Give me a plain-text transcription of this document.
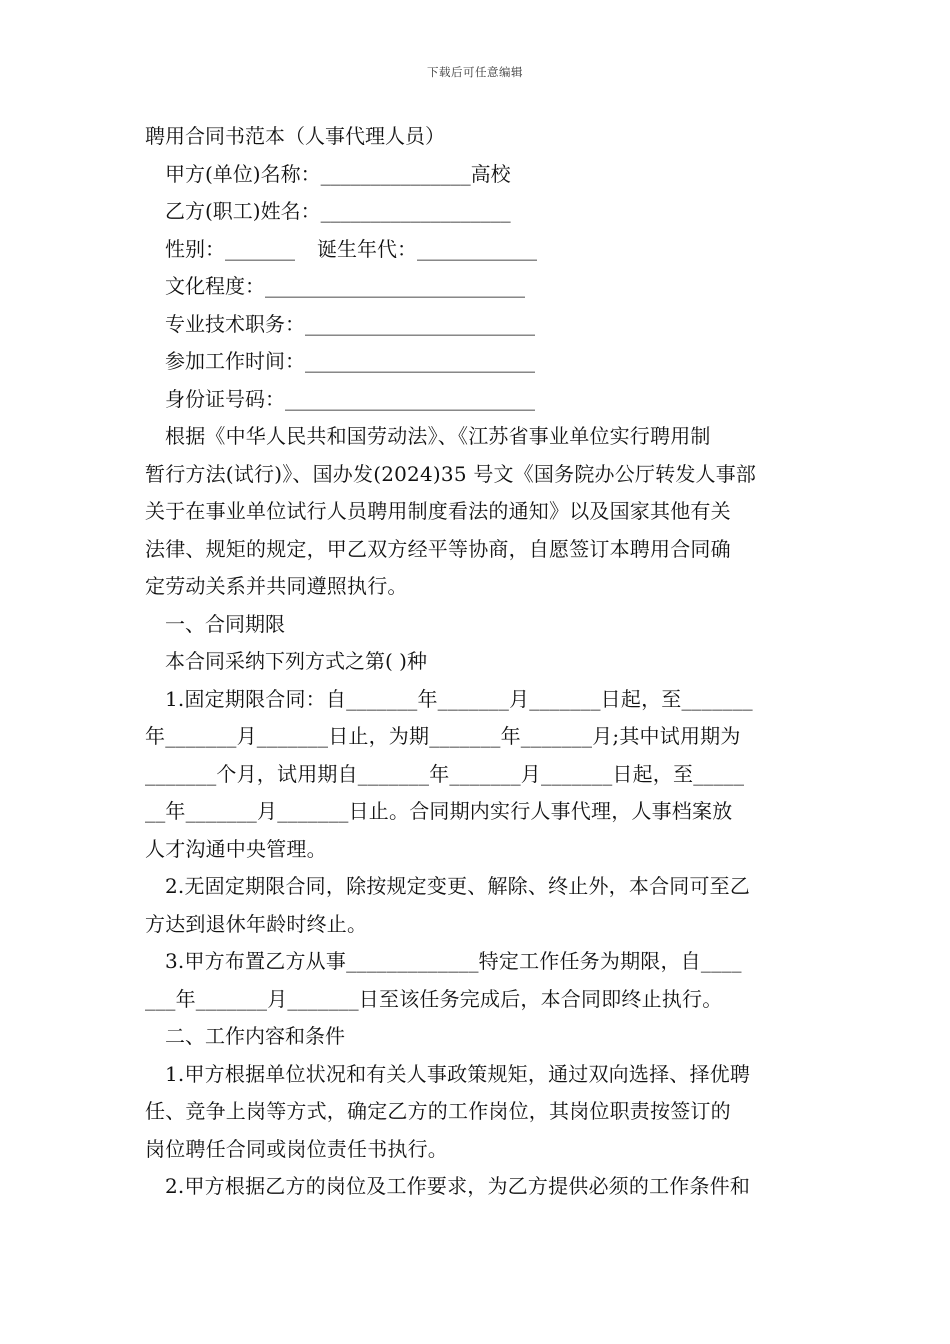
下载后可任意编辑
聘用合同书范本（人事代理人员）
甲方(单位)名称：_______________高校
乙方(职工)姓名：___________________
性别：_______ 诞生年代：____________
文化程度：__________________________
专业技术职务：_______________________
参加工作时间：_______________________
身份证号码：_________________________
根据《中华人民共和国劳动法》、《江苏省事业单位实行聘用制
暂行方法(试行)》、国办发(2024)35 号文《国务院办公厅转发人事部
关于在事业单位试行人员聘用制度看法的通知》以及国家其他有关
法律、规矩的规定，甲乙双方经平等协商，自愿签订本聘用合同确
定劳动关系并共同遵照执行。
一、合同期限
本合同采纳下列方式之第( )种
1.固定期限合同：自_______年_______月_______日起，至_______
年_______月_______日止，为期_______年_______月;其中试用期为
_______个月，试用期自_______年_______月_______日起，至_____
__年_______月_______日止。合同期内实行人事代理，人事档案放
人才沟通中央管理。
2.无固定期限合同，除按规定变更、解除、终止外，本合同可至乙
方达到退休年龄时终止。
3.甲方布置乙方从事_____________特定工作任务为期限，自____
___年_______月_______日至该任务完成后，本合同即终止执行。
二、工作内容和条件
1.甲方根据单位状况和有关人事政策规矩，通过双向选择、择优聘
任、竞争上岗等方式，确定乙方的工作岗位，其岗位职责按签订的
岗位聘任合同或岗位责任书执行。
2.甲方根据乙方的岗位及工作要求，为乙方提供必须的工作条件和
